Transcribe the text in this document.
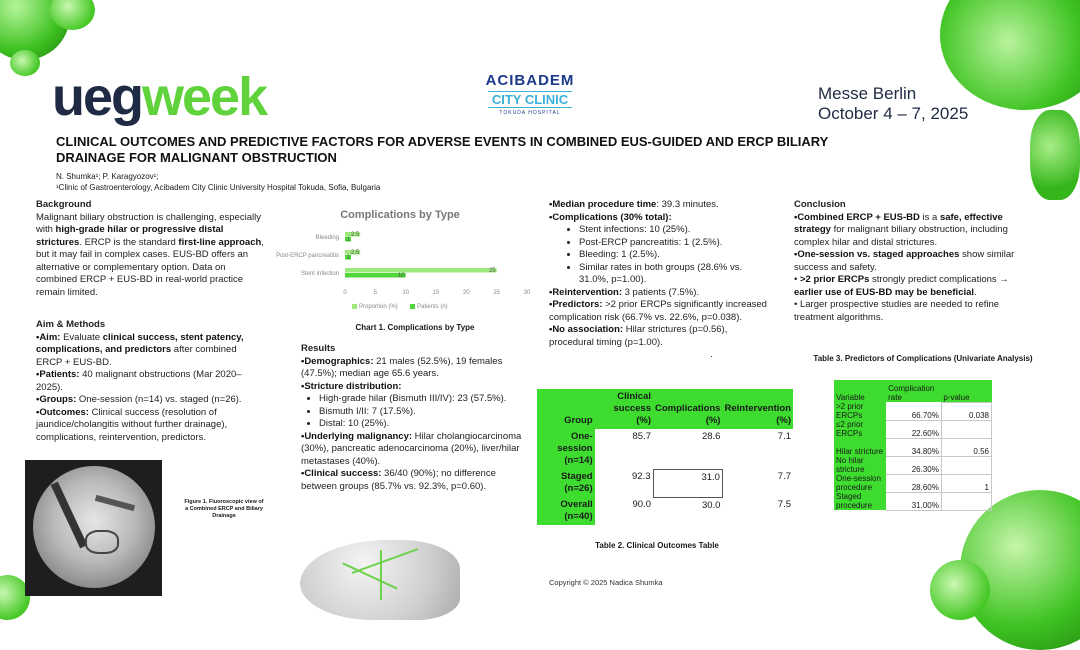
uegweek	ACIBADEM
CITY CLINIC
TOKUDA HOSPITAL
Messe Berlin
October 4 – 7, 2025
CLINICAL OUTCOMES AND PREDICTIVE FACTORS FOR ADVERSE EVENTS IN COMBINED EUS-GUIDED AND ERCP BILIARY DRAINAGE FOR MALIGNANT OBSTRUCTION
N. Shumka¹; P. Karagyozov¹;
¹Clinic of Gastroenterology, Acibadem City Clinic University Hospital Tokuda, Sofia, Bulgaria
Background
Malignant biliary obstruction is challenging, especially with high-grade hilar or progressive distal strictures. ERCP is the standard first-line approach, but it may fail in complex cases. EUS-BD offers an alternative or complementary option. Data on combined ERCP + EUS-BD in real-world practice remain limited.
Aim & Methods
•Aim: Evaluate clinical success, stent patency, complications, and predictors after combined ERCP + EUS-BD.
•Patients: 40 malignant obstructions (Mar 2020–2025).
•Groups: One-session (n=14) vs. staged (n=26).
•Outcomes: Clinical success (resolution of jaundice/cholangitis without further drainage), complications, reintervention, predictors.
Figure 1. Fluoroscopic view of a Combined ERCP and Biliary Drainage
Complications by Type
Bleeding 2.5
1
Post-ERCP pancreatitis 2.5
1
Stent infection	25
10
0	5	10	15	20	25	30
Proportion (%)	Patients (n)
Chart 1. Complications by Type
Results
•Demographics: 21 males (52.5%), 19 females (47.5%); median age 65.6 years.
•Stricture distribution:
• High-grade hilar (Bismuth III/IV): 23 (57.5%).
• Bismuth I/II: 7 (17.5%).
• Distal: 10 (25%).
•Underlying malignancy: Hilar cholangiocarcinoma (30%), pancreatic adenocarcinoma (20%), liver/hilar metastases (40%).
•Clinical success: 36/40 (90%); no difference between groups (85.7% vs. 92.3%, p=0.60).
•Median procedure time: 39.3 minutes.
•Complications (30% total):
• Stent infections: 10 (25%).
• Post-ERCP pancreatitis: 1 (2.5%).
• Bleeding: 1 (2.5%).
• Similar rates in both groups (28.6% vs. 31.0%, p=1.00).
•Reintervention: 3 patients (7.5%).
•Predictors: >2 prior ERCPs significantly increased complication risk (66.7% vs. 22.6%, p=0.038).
•No association: Hilar strictures (p=0.56), procedural timing (p=1.00).
.
Group	Clinical success (%)	Complications (%)	Reintervention (%)
One-session (n=14)	85.7	28.6	7.1
Staged (n=26)	92.3	31.0	7.7
Overall (n=40)	90.0	30.0	7.5
Table 2. Clinical Outcomes Table
Copyright © 2025 Nadica Shumka
Conclusion
•Combined ERCP + EUS-BD is a safe, effective strategy for malignant biliary obstruction, including complex hilar and distal strictures.
•One-session vs. staged approaches show similar success and safety.
• >2 prior ERCPs strongly predict complications → earlier use of EUS-BD may be beneficial.
• Larger prospective studies are needed to refine treatment algorithms.
Table 3. Predictors of Complications (Univariate Analysis)
Variable	Complication rate	p-value
>2 prior ERCPs	66.70%	0.038
≤2 prior ERCPs	22.60%	
Hilar stricture	34.80%	0.56
No hilar stricture	26.30%	
One-session procedure	28.60%	1
Staged procedure	31.00%	
